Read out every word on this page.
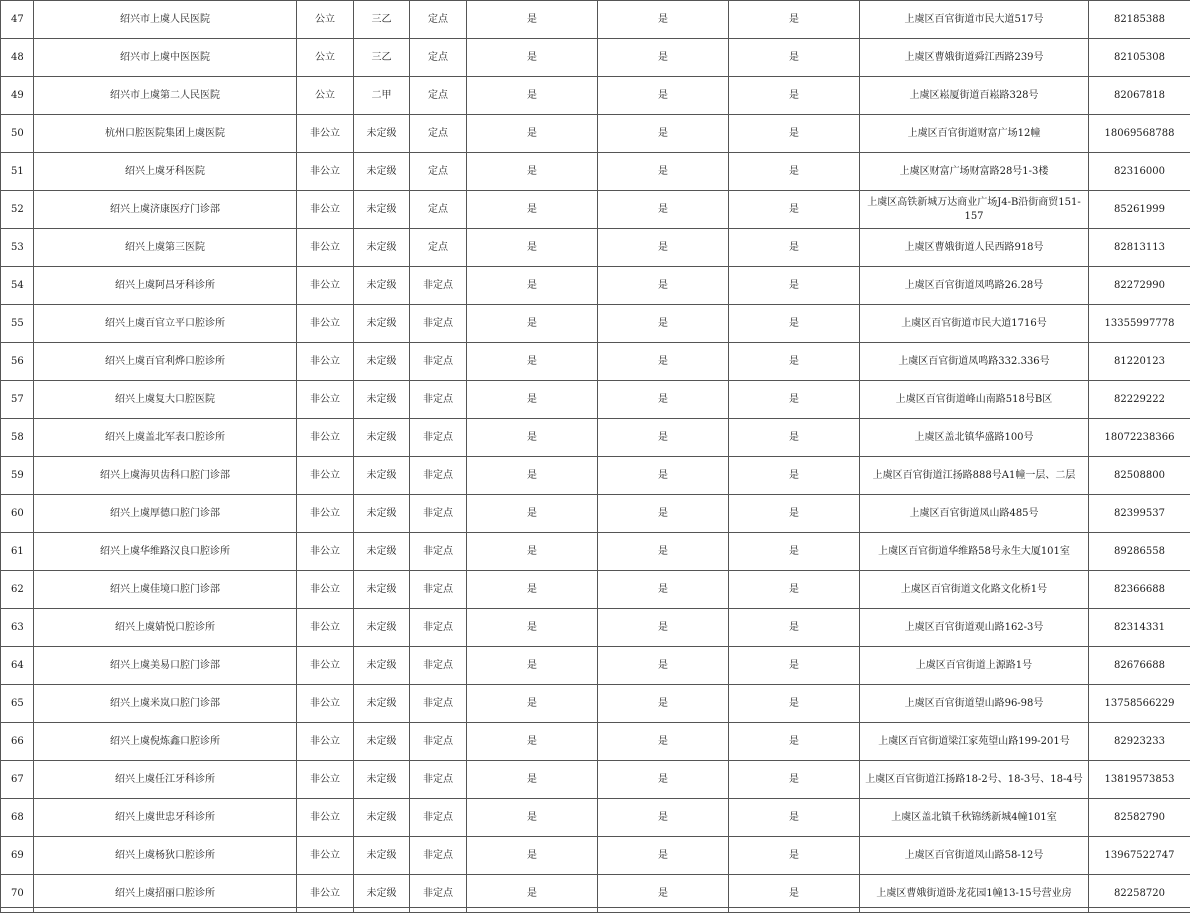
47	绍兴市上虞人民医院	公立	三乙	定点	是	是	是	上虞区百官街道市民大道517号	82185388
48	绍兴市上虞中医医院	公立	三乙	定点	是	是	是	上虞区曹娥街道舜江西路239号	82105308
49	绍兴市上虞第二人民医院	公立	二甲	定点	是	是	是	上虞区崧厦街道百崧路328号	82067818
50	杭州口腔医院集团上虞医院	非公立	未定级	定点	是	是	是	上虞区百官街道财富广场12幢	18069568788
51	绍兴上虞牙科医院	非公立	未定级	定点	是	是	是	上虞区财富广场财富路28号1-3楼	82316000
52	绍兴上虞济康医疗门诊部	非公立	未定级	定点	是	是	是	上虞区高铁新城万达商业广场J4-B沿街商贸151-157	85261999
53	绍兴上虞第三医院	非公立	未定级	定点	是	是	是	上虞区曹娥街道人民西路918号	82813113
54	绍兴上虞阿昌牙科诊所	非公立	未定级	非定点	是	是	是	上虞区百官街道凤鸣路26.28号	82272990
55	绍兴上虞百官立平口腔诊所	非公立	未定级	非定点	是	是	是	上虞区百官街道市民大道1716号	13355997778
56	绍兴上虞百官利烨口腔诊所	非公立	未定级	非定点	是	是	是	上虞区百官街道凤鸣路332.336号	81220123
57	绍兴上虞复大口腔医院	非公立	未定级	非定点	是	是	是	上虞区百官街道峰山南路518号B区	82229222
58	绍兴上虞盖北军表口腔诊所	非公立	未定级	非定点	是	是	是	上虞区盖北镇华盛路100号	18072238366
59	绍兴上虞海贝齿科口腔门诊部	非公立	未定级	非定点	是	是	是	上虞区百官街道江扬路888号A1幢一层、二层	82508800
60	绍兴上虞厚德口腔门诊部	非公立	未定级	非定点	是	是	是	上虞区百官街道凤山路485号	82399537
61	绍兴上虞华维路汉良口腔诊所	非公立	未定级	非定点	是	是	是	上虞区百官街道华维路58号永生大厦101室	89286558
62	绍兴上虞佳境口腔门诊部	非公立	未定级	非定点	是	是	是	上虞区百官街道文化路文化桥1号	82366688
63	绍兴上虞婧悦口腔诊所	非公立	未定级	非定点	是	是	是	上虞区百官街道观山路162-3号	82314331
64	绍兴上虞美易口腔门诊部	非公立	未定级	非定点	是	是	是	上虞区百官街道上源路1号	82676688
65	绍兴上虞米岚口腔门诊部	非公立	未定级	非定点	是	是	是	上虞区百官街道望山路96-98号	13758566229
66	绍兴上虞倪炼鑫口腔诊所	非公立	未定级	非定点	是	是	是	上虞区百官街道梁江家苑望山路199-201号	82923233
67	绍兴上虞任江牙科诊所	非公立	未定级	非定点	是	是	是	上虞区百官街道江扬路18-2号、18-3号、18-4号	13819573853
68	绍兴上虞世忠牙科诊所	非公立	未定级	非定点	是	是	是	上虞区盖北镇千秋锦绣新城4幢101室	82582790
69	绍兴上虞杨狄口腔诊所	非公立	未定级	非定点	是	是	是	上虞区百官街道凤山路58-12号	13967522747
70	绍兴上虞招丽口腔诊所	非公立	未定级	非定点	是	是	是	上虞区曹娥街道卧龙花园1幢13-15号营业房	82258720
